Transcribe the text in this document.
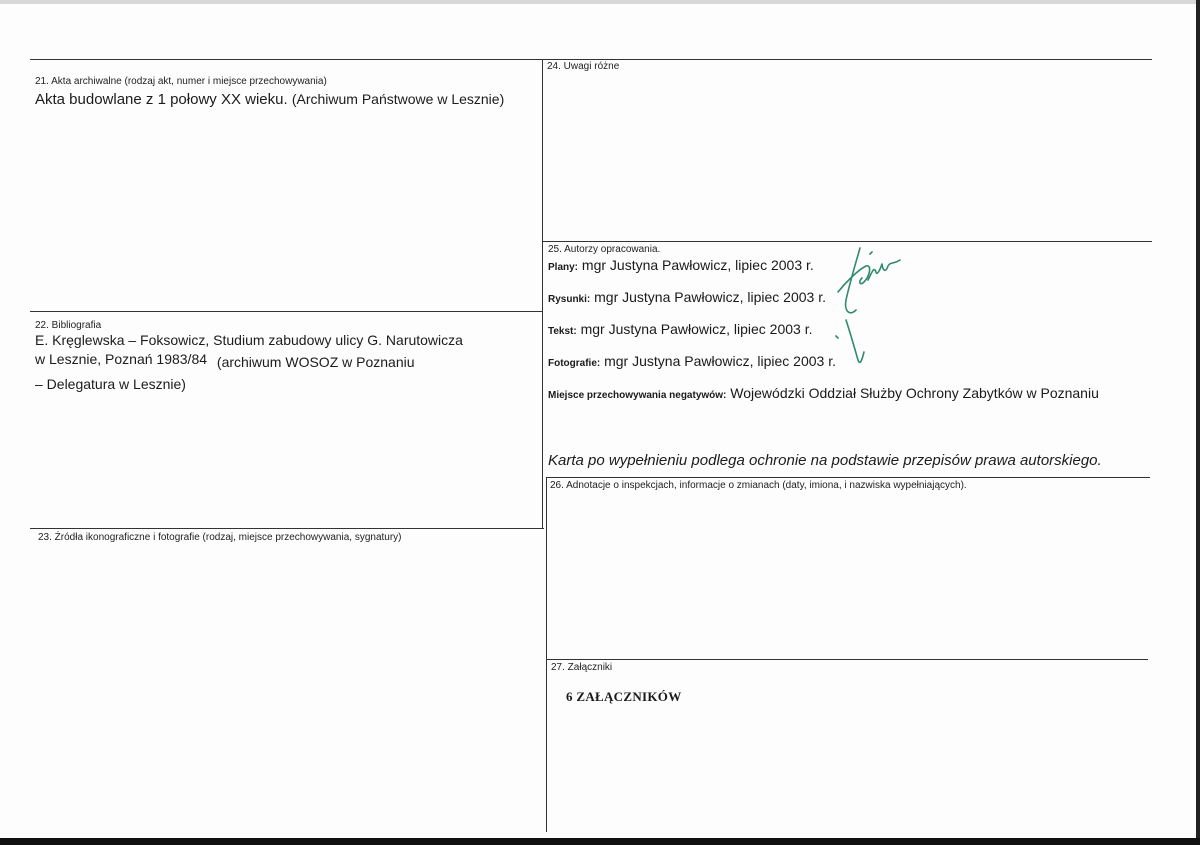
21. Akta archiwalne (rodzaj akt, numer i miejsce przechowywania)
Akta budowlane z 1 połowy XX wieku. (Archiwum Państwowe w Lesznie)
22. Bibliografia
E. Kręglewska – Foksowicz, Studium zabudowy ulicy G. Narutowicza
w Lesznie, Poznań 1983/84 (archiwum WOSOZ w Poznaniu
– Delegatura w Lesznie)
23. Źródła ikonograficzne i fotografie (rodzaj, miejsce przechowywania, sygnatury)
24. Uwagi różne
25. Autorzy opracowania.
Plany: mgr Justyna Pawłowicz, lipiec 2003 r.
Rysunki: mgr Justyna Pawłowicz, lipiec 2003 r.
Tekst: mgr Justyna Pawłowicz, lipiec 2003 r.
Fotografie: mgr Justyna Pawłowicz, lipiec 2003 r.
Miejsce przechowywania negatywów: Wojewódzki Oddział Służby Ochrony Zabytków w Poznaniu
Karta po wypełnieniu podlega ochronie na podstawie przepisów prawa autorskiego.
26. Adnotacje o inspekcjach, informacje o zmianach (daty, imiona, i nazwiska wypełniających).
27. Załączniki
6 ZAŁĄCZNIKÓW
